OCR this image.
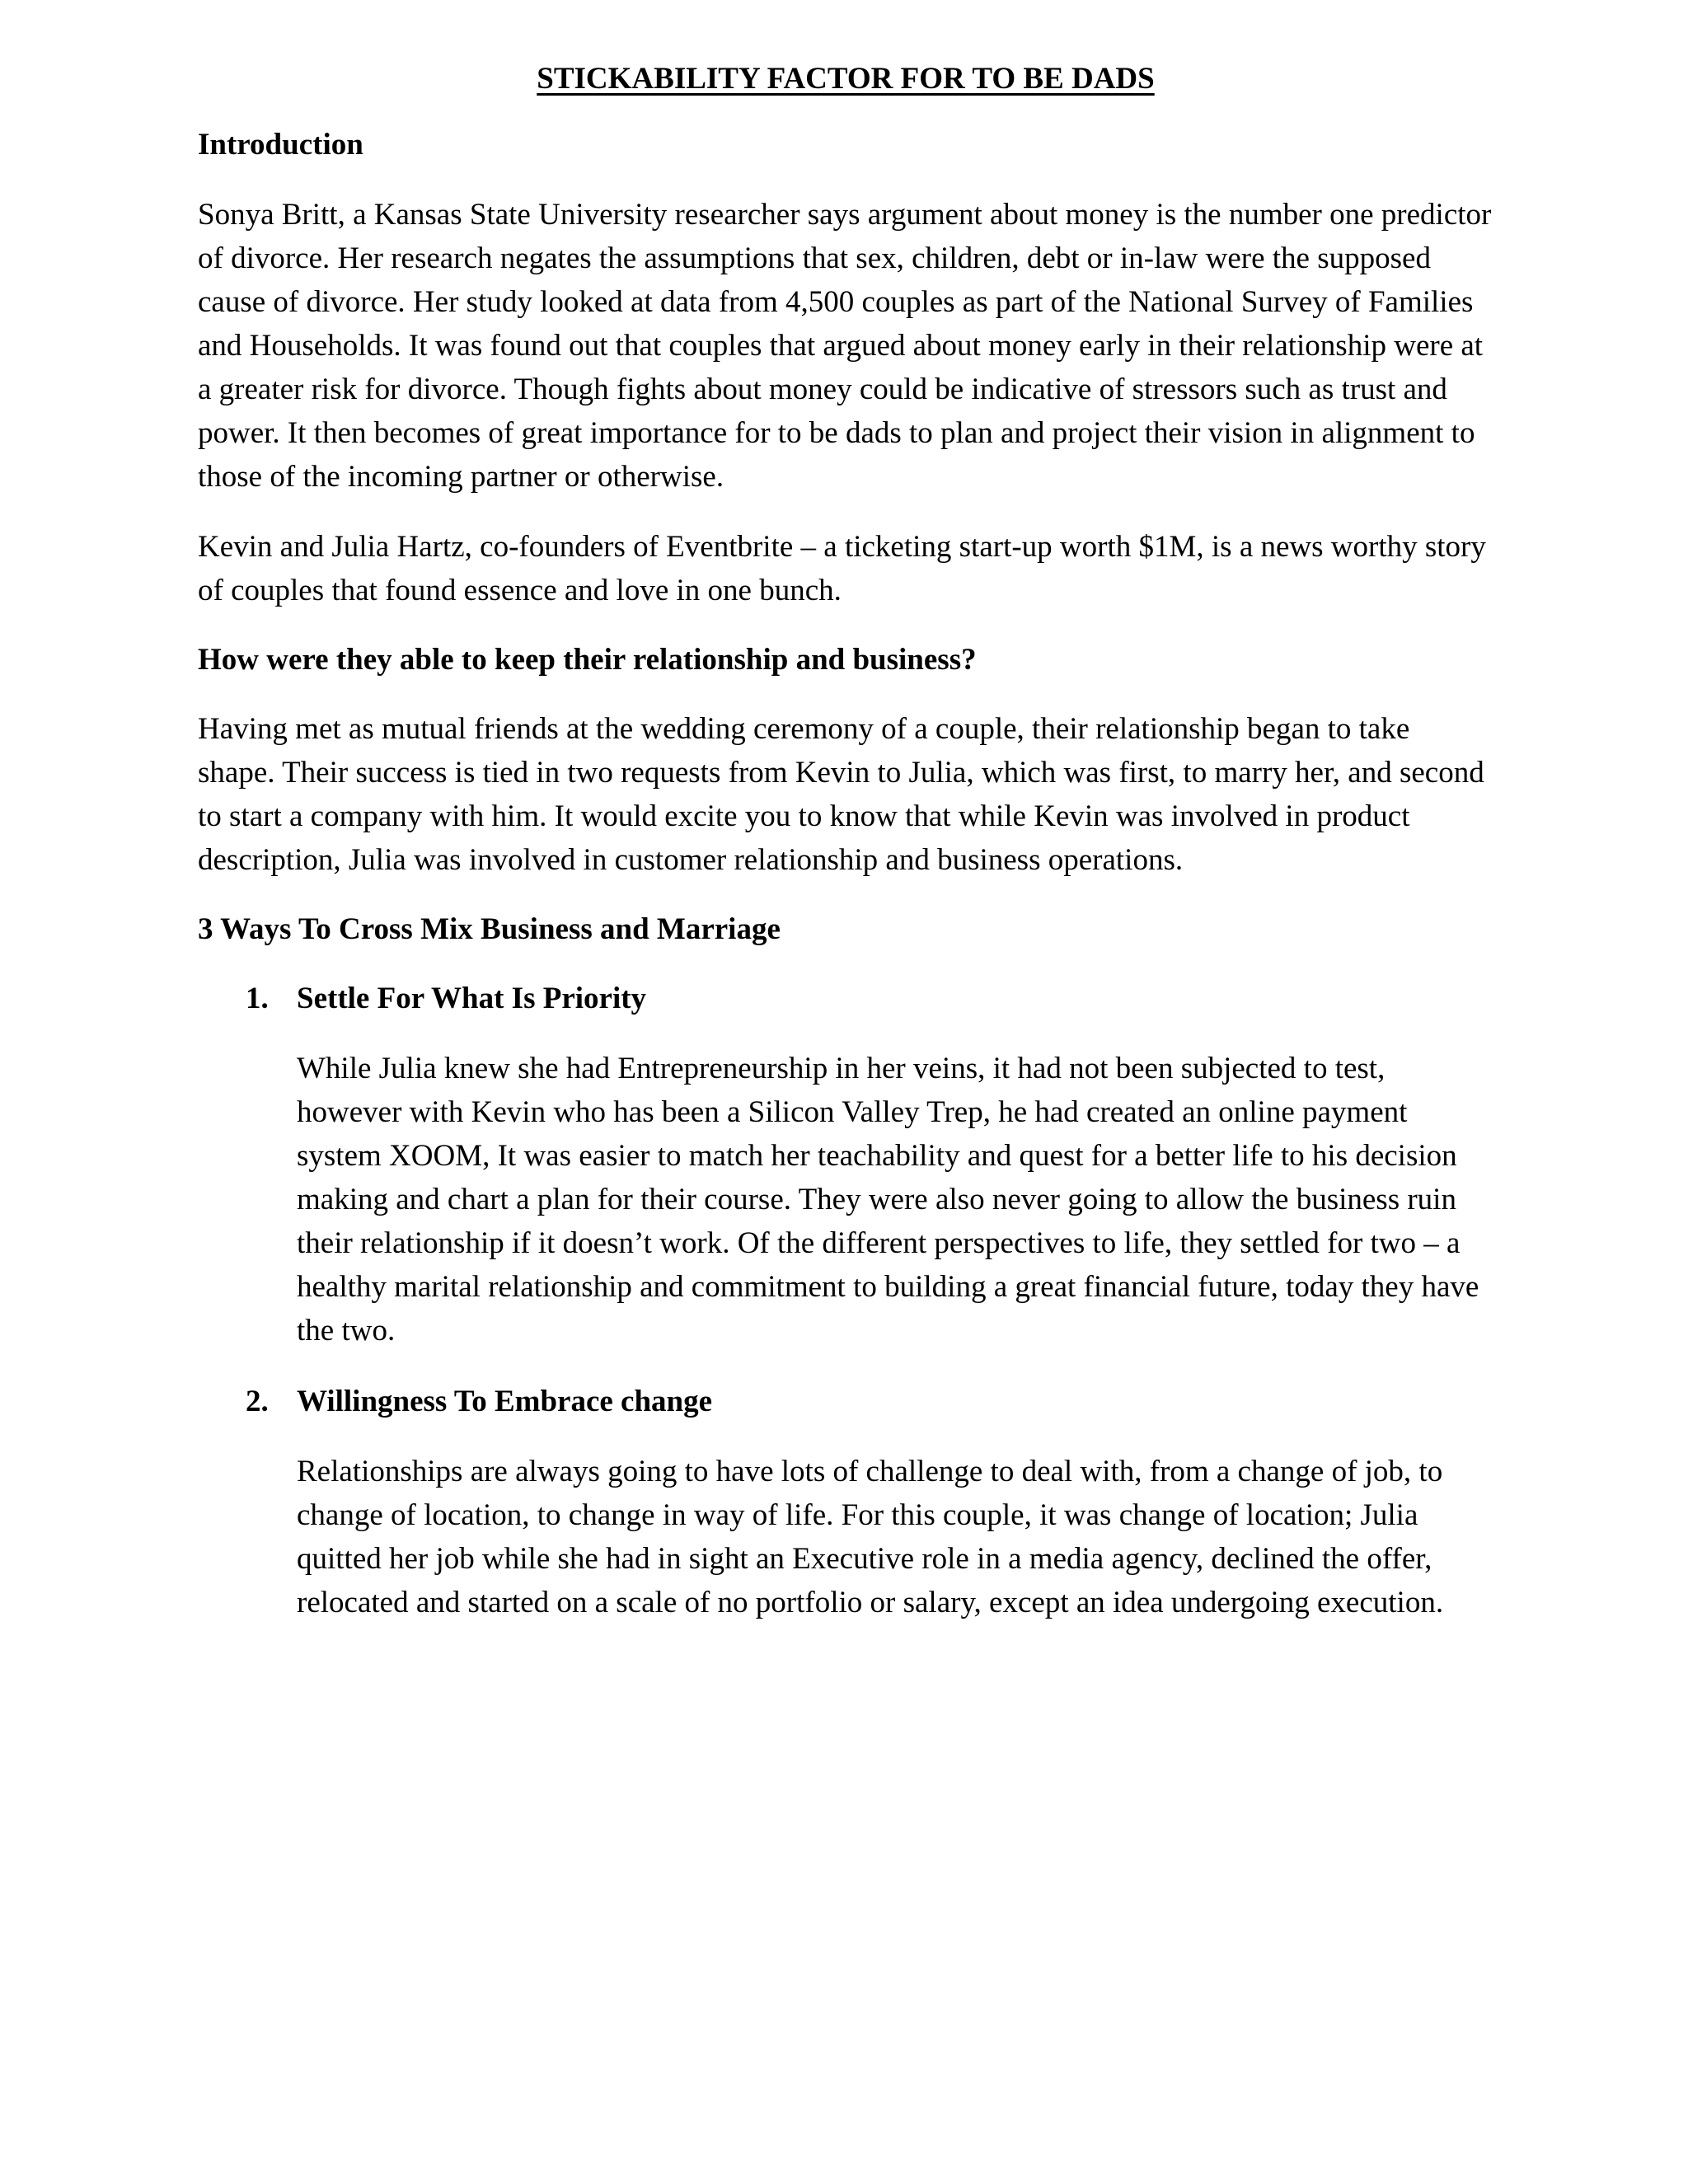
STICKABILITY FACTOR FOR TO BE DADS
Introduction

Sonya Britt, a Kansas State University researcher says argument about money is the number one predictor of divorce. Her research negates the assumptions that sex, children, debt or in-law were the supposed cause of divorce. Her study looked at data from 4,500 couples as part of the National Survey of Families and Households. It was found out that couples that argued about money early in their relationship were at a greater risk for divorce. Though fights about money could be indicative of stressors such as trust and power. It then becomes of great importance for to be dads to plan and project their vision in alignment to those of the incoming partner or otherwise.

Kevin and Julia Hartz, co-founders of Eventbrite – a ticketing start-up worth $1M, is a news worthy story of couples that found essence and love in one bunch.

How were they able to keep their relationship and business?

Having met as mutual friends at the wedding ceremony of a couple, their relationship began to take shape. Their success is tied in two requests from Kevin to Julia, which was first, to marry her, and second to start a company with him. It would excite you to know that while Kevin was involved in product description, Julia was involved in customer relationship and business operations.

3 Ways To Cross Mix Business and Marriage
1. Settle For What Is Priority

While Julia knew she had Entrepreneurship in her veins, it had not been subjected to test, however with Kevin who has been a Silicon Valley Trep, he had created an online payment system XOOM, It was easier to match her teachability and quest for a better life to his decision making and chart a plan for their course. They were also never going to allow the business ruin their relationship if it doesn’t work. Of the different perspectives to life, they settled for two – a healthy marital relationship and commitment to building a great financial future, today they have the two.

2. Willingness To Embrace change

Relationships are always going to have lots of challenge to deal with, from a change of job, to change of location, to change in way of life. For this couple, it was change of location; Julia quitted her job while she had in sight an Executive role in a media agency, declined the offer, relocated and started on a scale of no portfolio or salary, except an idea undergoing execution.
